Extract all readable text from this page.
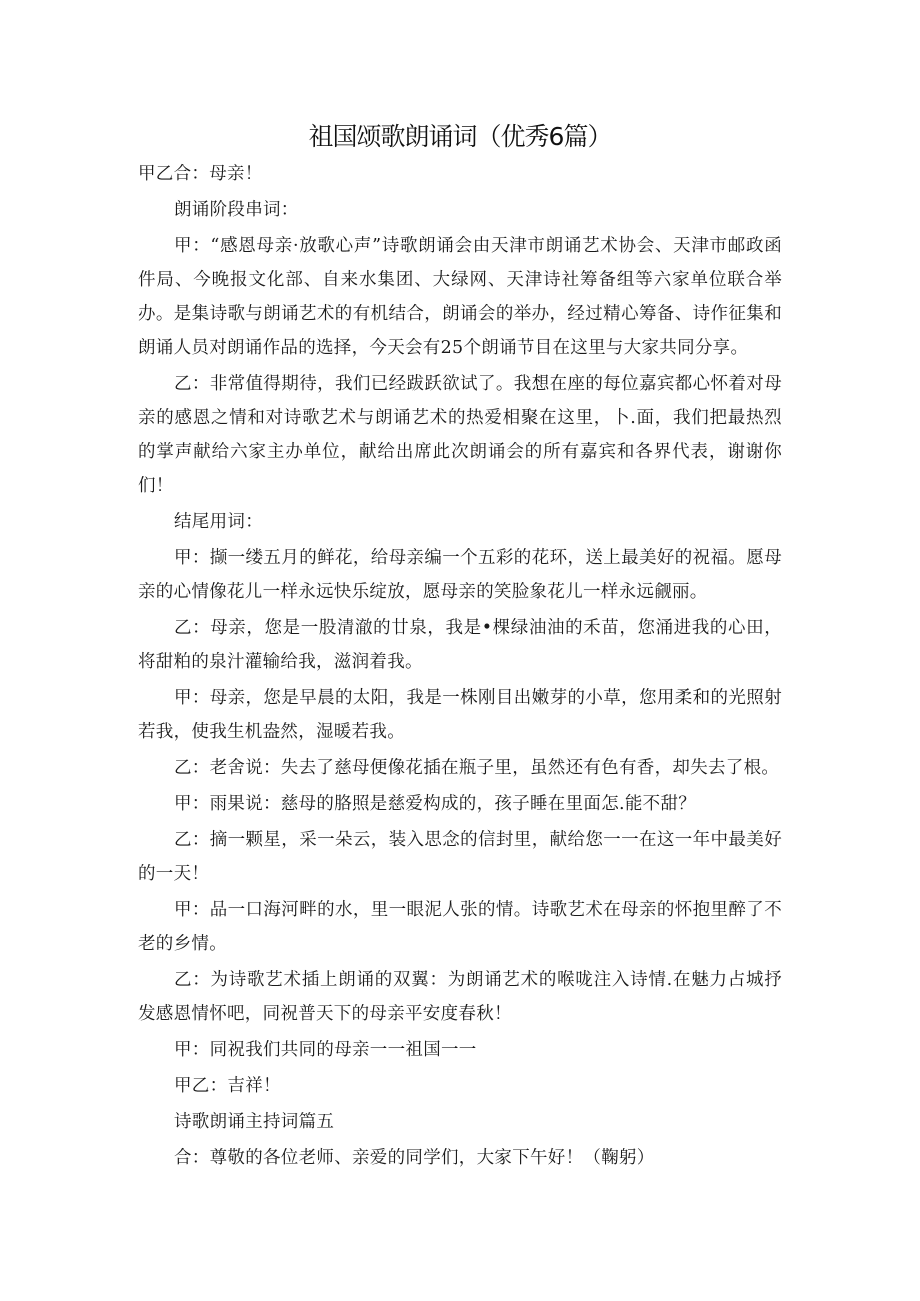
祖国颂歌朗诵词（优秀6篇）

甲乙合：母亲！

朗诵阶段串词：

甲：“感恩母亲·放歌心声”诗歌朗诵会由天津市朗诵艺术协会、天津市邮政函件局、今晚报文化部、自来水集团、大绿网、天津诗社筹备组等六家单位联合举办。是集诗歌与朗诵艺术的有机结合，朗诵会的举办，经过精心筹备、诗作征集和朗诵人员对朗诵作品的选择，今天会有25个朗诵节目在这里与大家共同分享。

乙：非常值得期待，我们已经跋跃欲试了。我想在座的每位嘉宾都心怀着对母亲的感恩之情和对诗歌艺术与朗诵艺术的热爱相聚在这里，卜.面，我们把最热烈的掌声献给六家主办单位，献给出席此次朗诵会的所有嘉宾和各界代表，谢谢你们！

结尾用词：

甲：撷一缕五月的鲜花，给母亲编一个五彩的花环，送上最美好的祝福。愿母亲的心情像花儿一样永远快乐绽放，愿母亲的笑脸象花儿一样永远觎丽。

乙：母亲，您是一股清澈的廿泉，我是•棵绿油油的禾苗，您涌进我的心田，将甜粕的泉汁灌输给我，滋润着我。

甲：母亲，您是早晨的太阳，我是一株刚目出嫩芽的小草，您用柔和的光照射若我，使我生机盎然，湿暖若我。

乙：老舍说：失去了慈母便像花插在瓶子里，虽然还有色有香，却失去了根。

甲：雨果说：慈母的胳照是慈爱构成的，孩子睡在里面怎.能不甜？

乙：摘一颗星，采一朵云，装入思念的信封里，献给您一一在这一年中最美好的一天！

甲：品一口海河畔的水，里一眼泥人张的情。诗歌艺术在母亲的怀抱里醉了不老的乡情。

乙：为诗歌艺术插上朗诵的双翼：为朗诵艺术的喉咙注入诗情.在魅力占城抒发感恩情怀吧，同祝普天下的母亲平安度春秋！

甲：同祝我们共同的母亲一一祖国一一

甲乙：吉祥！

诗歌朗诵主持词篇五

合：尊敬的各位老师、亲爱的同学们，大家下午好！（鞠躬）
